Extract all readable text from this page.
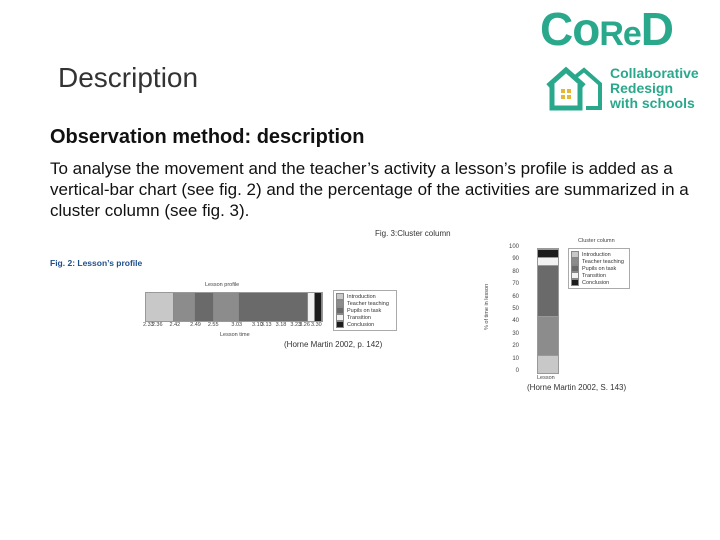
CoReD
Collaborative
Redesign
with schools
Description
Observation method: description
To analyse the movement and the teacher’s activity a lesson’s profile is added as a vertical-bar chart (see fig. 2) and the percentage of the activities are summarized in a cluster column (see fig. 3).
Fig. 2: Lesson’s profile
Lesson profile
2.33
2.36 2.42 2.49 2.55 3.03 3.10
3.13 3.18 3.23
3.26 3.30
Lesson time
Introduction
Teacher teaching
Pupils on task
Transition
Conclusion
(Horne Martin 2002, p. 142)
Fig. 3:Cluster column
100
90
80
70
60
50
40
30
20
10
0
% of time in lesson
Lesson
Cluster column
Introduction
Teacher teaching
Pupils on task
Transition
Conclusion
(Horne Martin 2002, S. 143)
